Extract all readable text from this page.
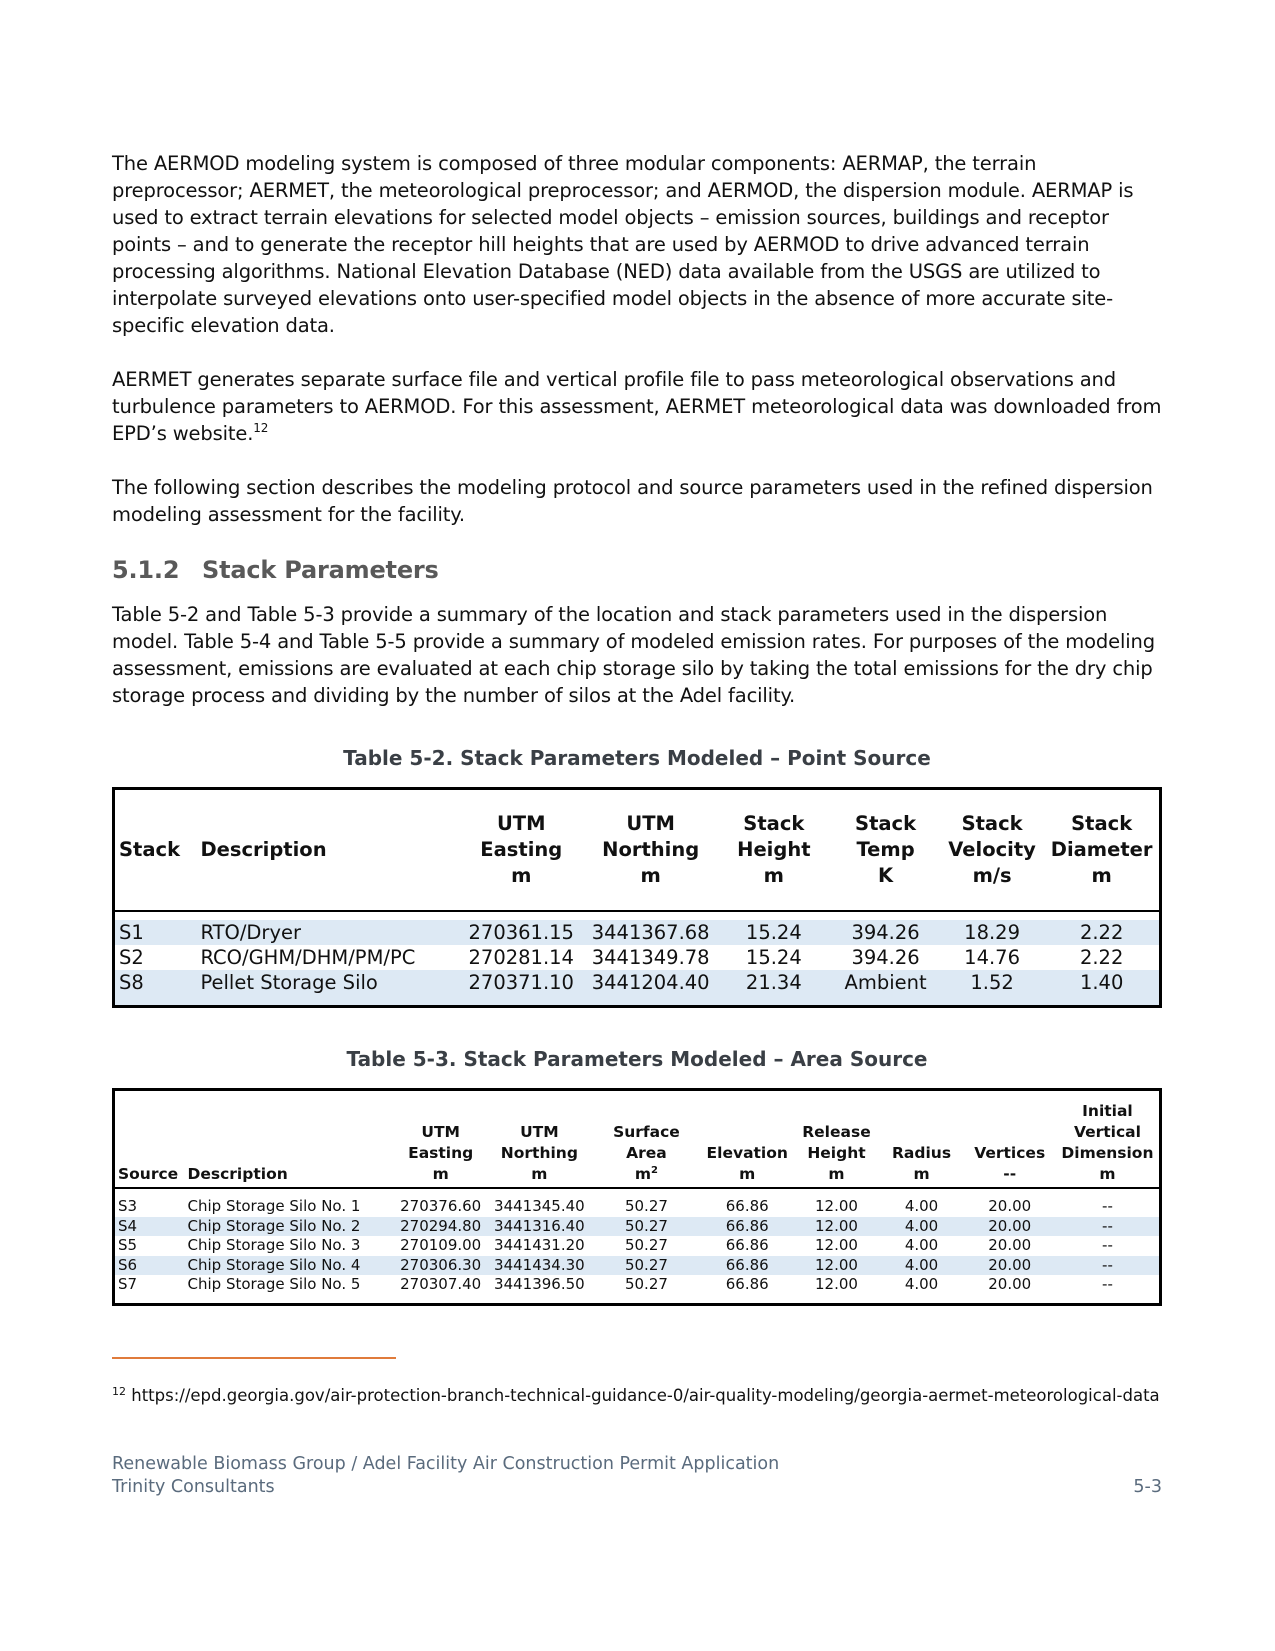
The AERMOD modeling system is composed of three modular components: AERMAP, the terrain preprocessor; AERMET, the meteorological preprocessor; and AERMOD, the dispersion module. AERMAP is used to extract terrain elevations for selected model objects – emission sources, buildings and receptor points – and to generate the receptor hill heights that are used by AERMOD to drive advanced terrain processing algorithms. National Elevation Database (NED) data available from the USGS are utilized to interpolate surveyed elevations onto user-specified model objects in the absence of more accurate site-specific elevation data.

AERMET generates separate surface file and vertical profile file to pass meteorological observations and turbulence parameters to AERMOD. For this assessment, AERMET meteorological data was downloaded from EPD’s website.$^{12}$

The following section describes the modeling protocol and source parameters used in the refined dispersion modeling assessment for the facility.

5.1.2 Stack Parameters

Table 5-2 and Table 5-3 provide a summary of the location and stack parameters used in the dispersion model. Table 5-4 and Table 5-5 provide a summary of modeled emission rates. For purposes of the modeling assessment, emissions are evaluated at each chip storage silo by taking the total emissions for the dry chip storage process and dividing by the number of silos at the Adel facility.

Table 5-2. Stack Parameters Modeled – Point Source

Stack	Description	UTM
Easting
m	UTM
Northing
m	Stack
Height
m	Stack
Temp
K	Stack
Velocity
m/s	Stack
Diameter
m
S1	RTO/Dryer	270361.15	3441367.68	15.24	394.26	18.29	2.22
S2	RCO/GHM/DHM/PM/PC	270281.14	3441349.78	15.24	394.26	14.76	2.22
S8	Pellet Storage Silo	270371.10	3441204.40	21.34	Ambient	1.52	1.40

Table 5-3. Stack Parameters Modeled – Area Source

Source	Description	UTM
Easting
m	UTM
Northing
m	Surface Area
$m^2$	Elevation
m	Release
Height
m	Radius
m	Vertices
--	Initial
Vertical
Dimension
m
S3	Chip Storage Silo No. 1	270376.60	3441345.40	50.27	66.86	12.00	4.00	20.00	--
S4	Chip Storage Silo No. 2	270294.80	3441316.40	50.27	66.86	12.00	4.00	20.00	--
S5	Chip Storage Silo No. 3	270109.00	3441431.20	50.27	66.86	12.00	4.00	20.00	--
S6	Chip Storage Silo No. 4	270306.30	3441434.30	50.27	66.86	12.00	4.00	20.00	--
S7	Chip Storage Silo No. 5	270307.40	3441396.50	50.27	66.86	12.00	4.00	20.00	--
$^{12}$ https://epd.georgia.gov/air-protection-branch-technical-guidance-0/air-quality-modeling/georgia-aermet-meteorological-data
Renewable Biomass Group / Adel Facility Air Construction Permit Application
Trinity Consultants	5-3
